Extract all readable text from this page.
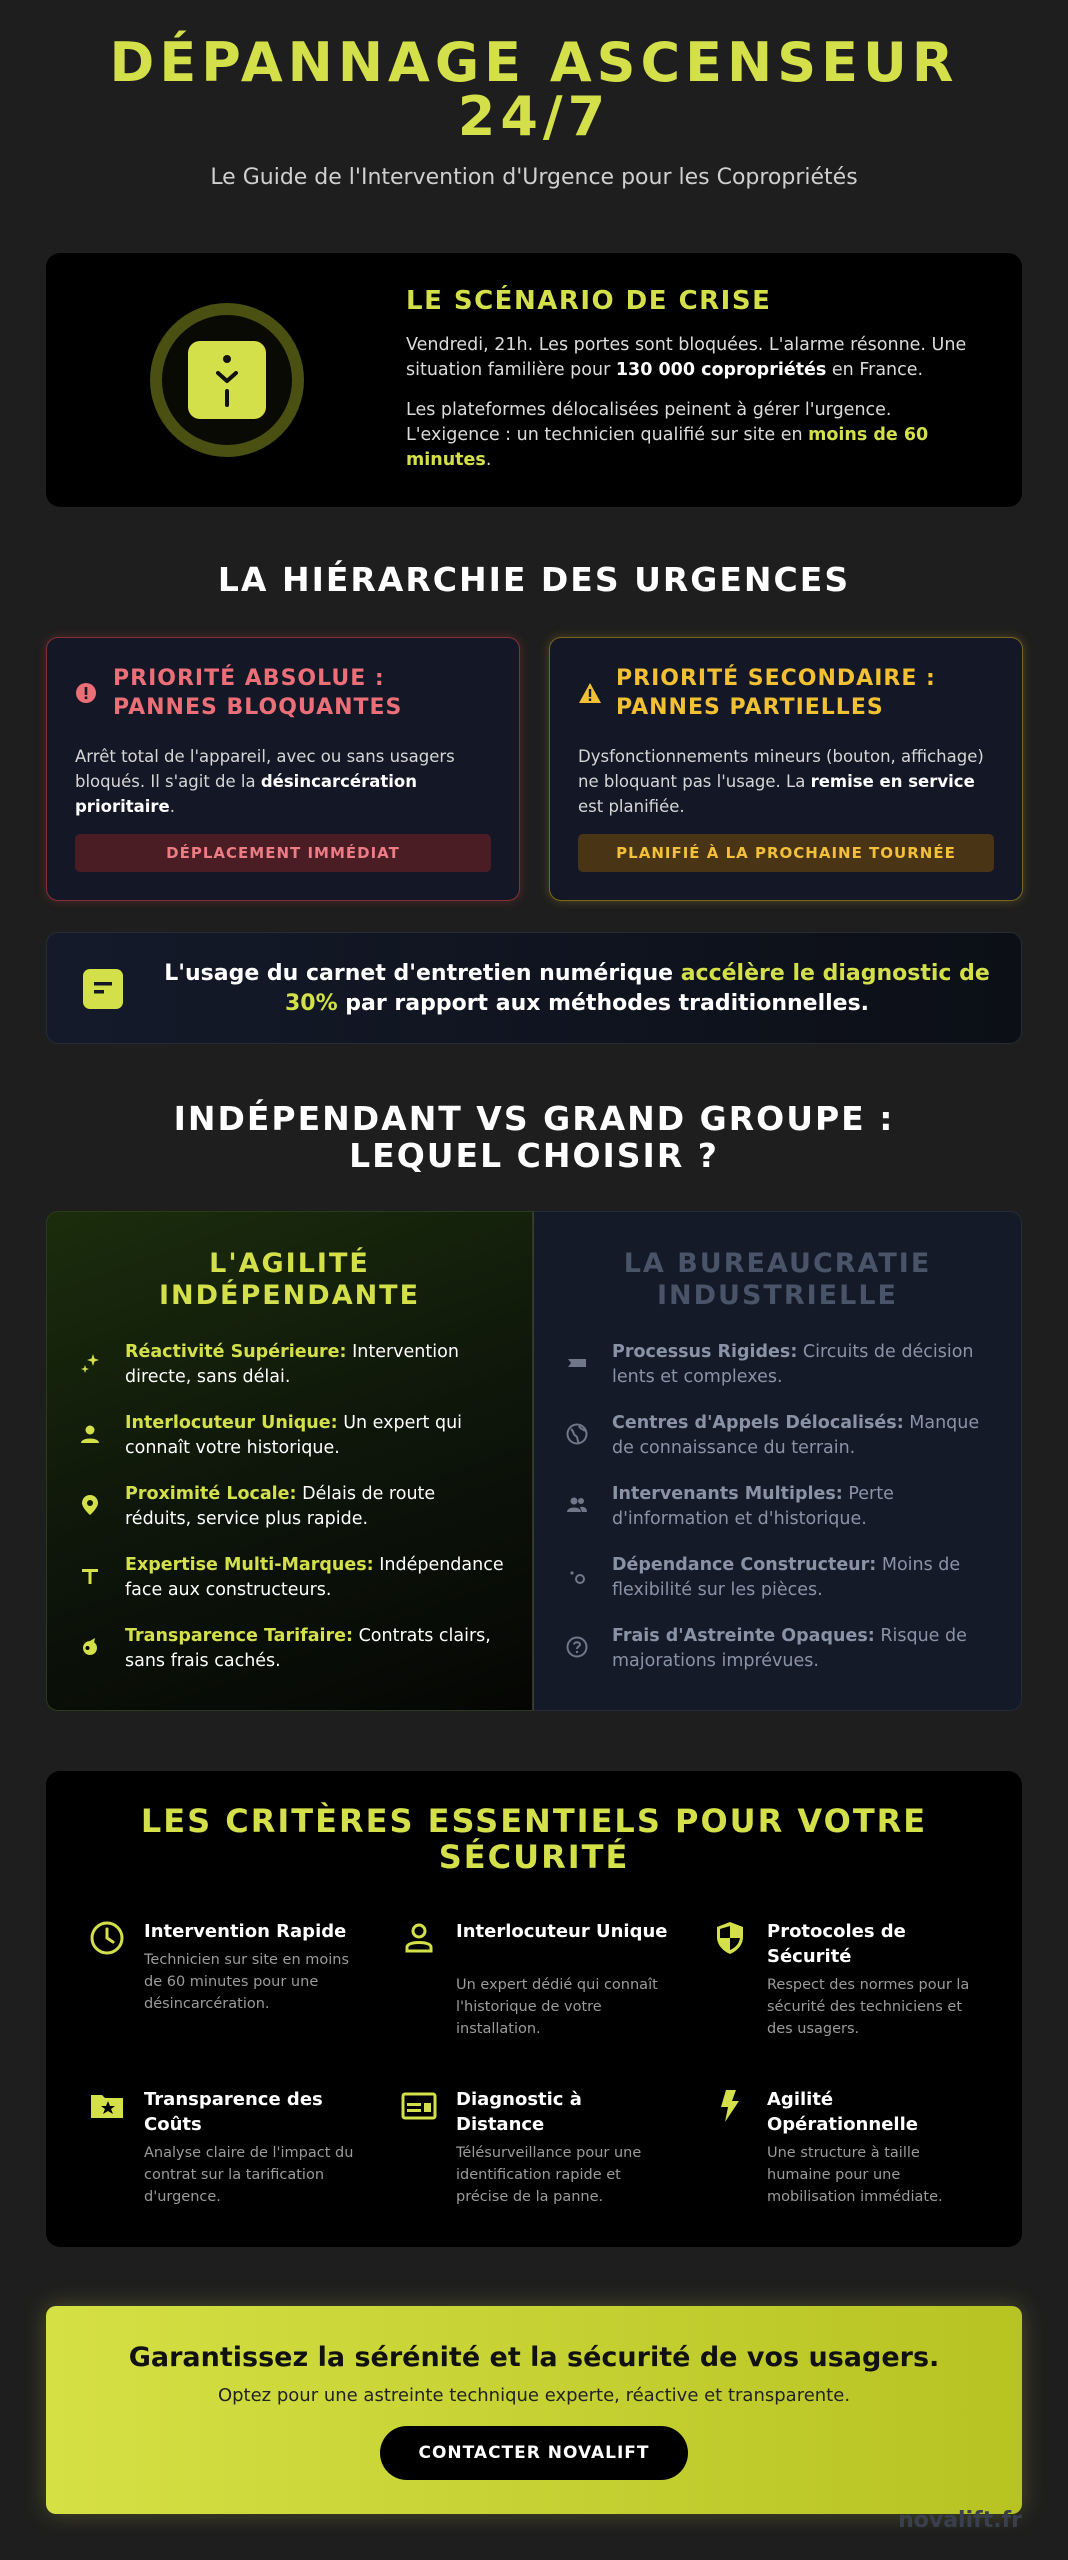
DÉPANNAGE ASCENSEUR
24/7
Le Guide de l'Intervention d'Urgence pour les Copropriétés
LE SCÉNARIO DE CRISE
Vendredi, 21h. Les portes sont bloquées. L'alarme résonne. Une situation familière pour 130 000 copropriétés en France.
Les plateformes délocalisées peinent à gérer l'urgence. L'exigence : un technicien qualifié sur site en moins de 60 minutes.
LA HIÉRARCHIE DES URGENCES
PRIORITÉ ABSOLUE : PANNES BLOQUANTES
Arrêt total de l'appareil, avec ou sans usagers bloqués. Il s'agit de la désincarcération prioritaire.
DÉPLACEMENT IMMÉDIAT
PRIORITÉ SECONDAIRE : PANNES PARTIELLES
Dysfonctionnements mineurs (bouton, affichage) ne bloquant pas l'usage. La remise en service est planifiée.
PLANIFIÉ À LA PROCHAINE TOURNÉE
L'usage du carnet d'entretien numérique accélère le diagnostic de 30% par rapport aux méthodes traditionnelles.
INDÉPENDANT VS GRAND GROUPE : LEQUEL CHOISIR ?
L'AGILITÉ INDÉPENDANTE
Réactivité Supérieure: Intervention directe, sans délai.
Interlocuteur Unique: Un expert qui connaît votre historique.
Proximité Locale: Délais de route réduits, service plus rapide.
Expertise Multi-Marques: Indépendance face aux constructeurs.
Transparence Tarifaire: Contrats clairs, sans frais cachés.
LA BUREAUCRATIE INDUSTRIELLE
Processus Rigides: Circuits de décision lents et complexes.
Centres d'Appels Délocalisés: Manque de connaissance du terrain.
Intervenants Multiples: Perte d'information et d'historique.
Dépendance Constructeur: Moins de flexibilité sur les pièces.
Frais d'Astreinte Opaques: Risque de majorations imprévues.
LES CRITÈRES ESSENTIELS POUR VOTRE SÉCURITÉ
Intervention Rapide
Technicien sur site en moins de 60 minutes pour une désincarcération.
Interlocuteur Unique
Un expert dédié qui connaît l'historique de votre installation.
Protocoles de Sécurité
Respect des normes pour la sécurité des techniciens et des usagers.
Transparence des Coûts
Analyse claire de l'impact du contrat sur la tarification d'urgence.
Diagnostic à Distance
Télésurveillance pour une identification rapide et précise de la panne.
Agilité Opérationnelle
Une structure à taille humaine pour une mobilisation immédiate.
Garantissez la sérénité et la sécurité de vos usagers.
Optez pour une astreinte technique experte, réactive et transparente.
CONTACTER NOVALIFT
novalift.fr
